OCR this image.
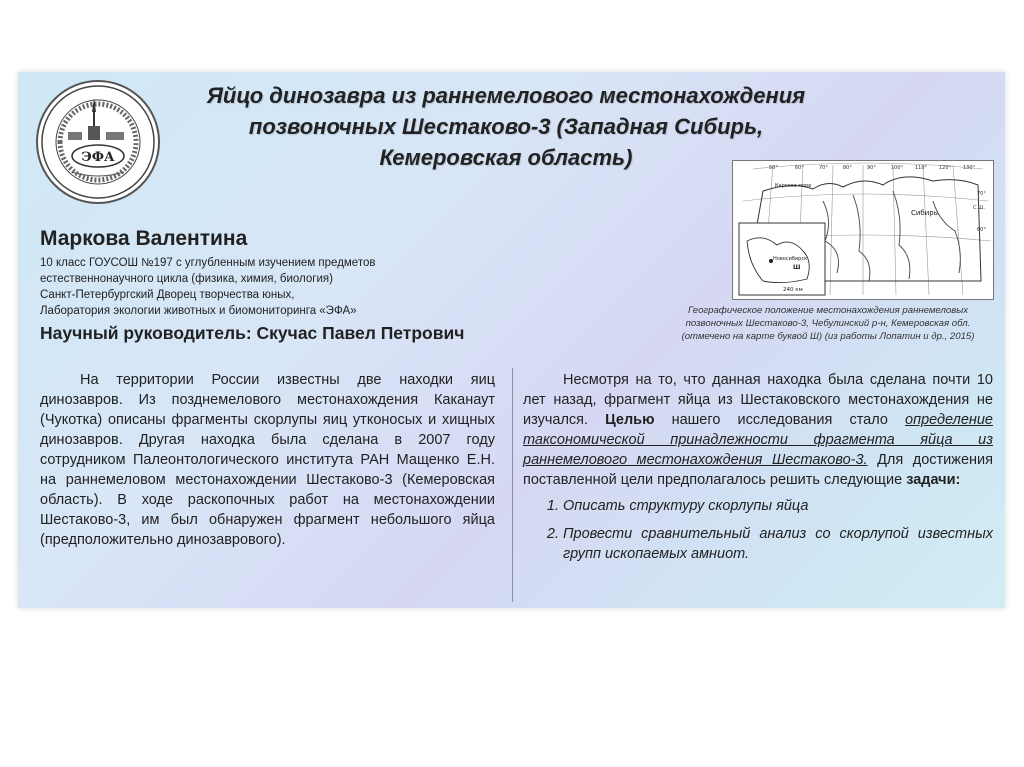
ЭФА
Яйцо динозавра из раннемелового местонахождения
позвоночных Шестаково-3 (Западная Сибирь,
Кемеровская область)
Новосибирск
Ш
240 км
Карское море
Сибирь
50°	60°	70°	80°	90°	100° 110° 120° 130°
70°
С.Ш.
60°
Географическое положение местонахождения раннемеловых
позвоночных Шестаково-3, Чебулинский р-н, Кемеровская обл.
(отмечено на карте буквой Ш) (из работы Лопатин и др., 2015)
Маркова Валентина
10 класс ГОУСОШ №197 с углубленным изучением предметов
естественнонаучного цикла (физика, химия, биология)
Санкт-Петербургский Дворец творчества юных,
Лаборатория экологии животных и биомониторинга «ЭФА»
Научный руководитель: Скучас Павел Петрович
На территории России известны две находки яиц динозавров. Из позднемелового местонахождения Каканаут (Чукотка) описаны фрагменты скорлупы яиц утконосых и хищных динозавров. Другая находка была сделана в 2007 году сотрудником Палеонтологического института РАН Мащенко Е.Н. на раннемеловом местонахождении Шестаково-3 (Кемеровская область). В ходе раскопочных работ на местонахождении Шестаково-3, им был обнаружен фрагмент небольшого яйца (предположительно динозаврового).
Несмотря на то, что данная находка была сделана почти 10 лет назад, фрагмент яйца из Шестаковского местонахождения не изучался. Целью нашего исследования стало определение таксономической принадлежности фрагмента яйца из раннемелового местонахождения Шестаково-3. Для достижения поставленной цели предполагалось решить следующие задачи:
1. Описать структуру скорлупы яйца
2. Провести сравнительный анализ со скорлупой известных групп ископаемых амниот.
